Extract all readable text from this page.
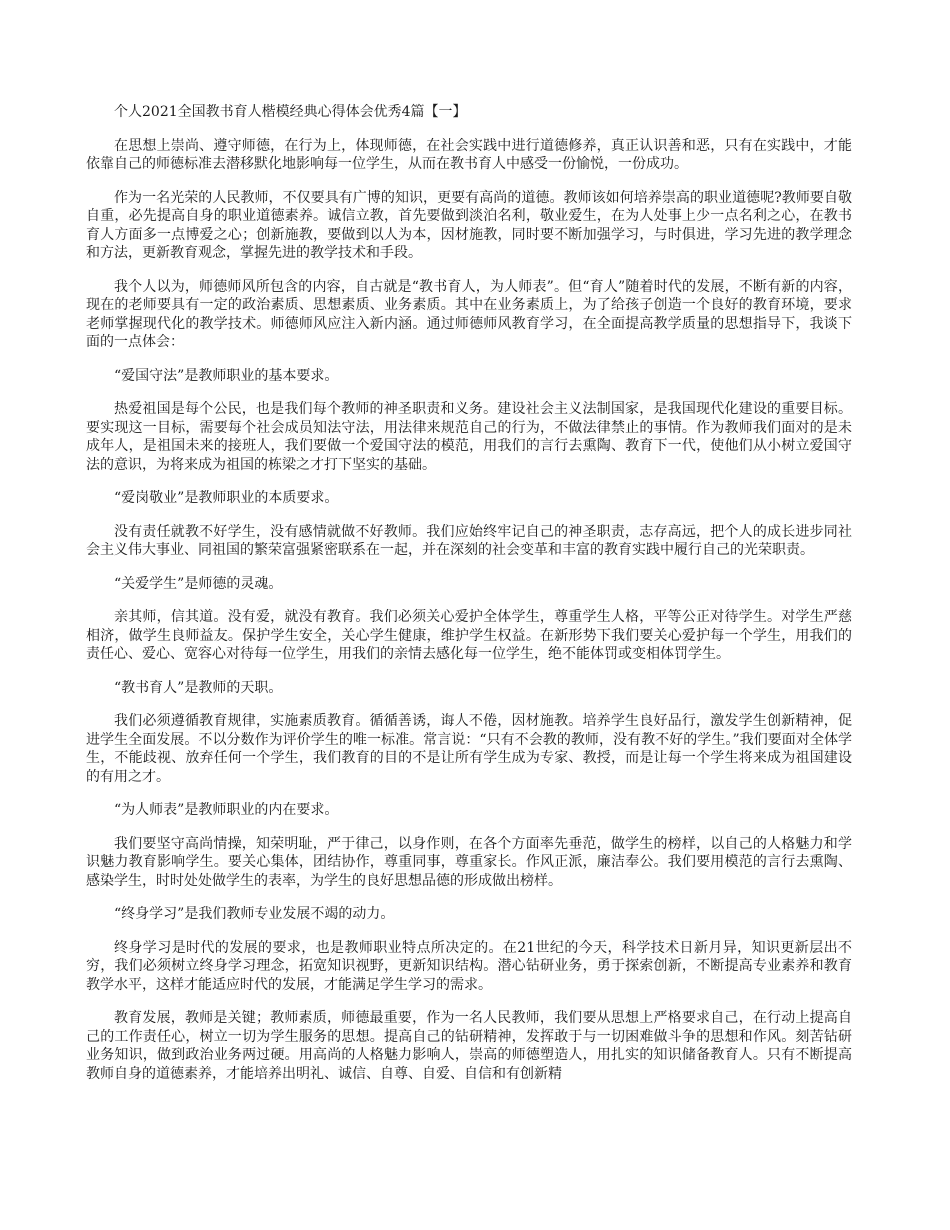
个人2021全国教书育人楷模经典心得体会优秀4篇【一】

在思想上崇尚、遵守师德，在行为上，体现师德，在社会实践中进行道德修养，真正认识善和恶，只有在实践中，才能依靠自己的师德标准去潜移默化地影响每一位学生，从而在教书育人中感受一份愉悦，一份成功。

作为一名光荣的人民教师，不仅要具有广博的知识，更要有高尚的道德。教师该如何培养崇高的职业道德呢?教师要自敬自重，必先提高自身的职业道德素养。诚信立教，首先要做到淡泊名利，敬业爱生，在为人处事上少一点名利之心，在教书育人方面多一点博爱之心；创新施教，要做到以人为本，因材施教，同时要不断加强学习，与时俱进，学习先进的教学理念和方法，更新教育观念，掌握先进的教学技术和手段。

我个人以为，师德师风所包含的内容，自古就是“教书育人，为人师表”。但“育人”随着时代的发展，不断有新的内容，现在的老师要具有一定的政治素质、思想素质、业务素质。其中在业务素质上，为了给孩子创造一个良好的教育环境，要求老师掌握现代化的教学技术。师德师风应注入新内涵。通过师德师风教育学习，在全面提高教学质量的思想指导下，我谈下面的一点体会：

“爱国守法”是教师职业的基本要求。

热爱祖国是每个公民，也是我们每个教师的神圣职责和义务。建设社会主义法制国家，是我国现代化建设的重要目标。要实现这一目标，需要每个社会成员知法守法，用法律来规范自己的行为，不做法律禁止的事情。作为教师我们面对的是未成年人，是祖国未来的接班人，我们要做一个爱国守法的模范，用我们的言行去熏陶、教育下一代，使他们从小树立爱国守法的意识，为将来成为祖国的栋梁之才打下坚实的基础。

“爱岗敬业”是教师职业的本质要求。

没有责任就教不好学生，没有感情就做不好教师。我们应始终牢记自己的神圣职责，志存高远，把个人的成长进步同社会主义伟大事业、同祖国的繁荣富强紧密联系在一起，并在深刻的社会变革和丰富的教育实践中履行自己的光荣职责。

“关爱学生”是师德的灵魂。

亲其师，信其道。没有爱，就没有教育。我们必须关心爱护全体学生，尊重学生人格，平等公正对待学生。对学生严慈相济，做学生良师益友。保护学生安全，关心学生健康，维护学生权益。在新形势下我们要关心爱护每一个学生，用我们的责任心、爱心、宽容心对待每一位学生，用我们的亲情去感化每一位学生，绝不能体罚或变相体罚学生。

“教书育人”是教师的天职。

我们必须遵循教育规律，实施素质教育。循循善诱，诲人不倦，因材施教。培养学生良好品行，激发学生创新精神，促进学生全面发展。不以分数作为评价学生的唯一标准。常言说：“只有不会教的教师，没有教不好的学生。”我们要面对全体学生，不能歧视、放弃任何一个学生，我们教育的目的不是让所有学生成为专家、教授，而是让每一个学生将来成为祖国建设的有用之才。

“为人师表”是教师职业的内在要求。

我们要坚守高尚情操，知荣明耻，严于律己，以身作则，在各个方面率先垂范，做学生的榜样，以自己的人格魅力和学识魅力教育影响学生。要关心集体，团结协作，尊重同事，尊重家长。作风正派，廉洁奉公。我们要用模范的言行去熏陶、感染学生，时时处处做学生的表率，为学生的良好思想品德的形成做出榜样。

“终身学习”是我们教师专业发展不竭的动力。

终身学习是时代的发展的要求，也是教师职业特点所决定的。在21世纪的今天，科学技术日新月异，知识更新层出不穷，我们必须树立终身学习理念，拓宽知识视野，更新知识结构。潜心钻研业务，勇于探索创新，不断提高专业素养和教育教学水平，这样才能适应时代的发展，才能满足学生学习的需求。

教育发展，教师是关键；教师素质，师德最重要，作为一名人民教师，我们要从思想上严格要求自己，在行动上提高自己的工作责任心，树立一切为学生服务的思想。提高自己的钻研精神，发挥敢于与一切困难做斗争的思想和作风。刻苦钻研业务知识，做到政治业务两过硬。用高尚的人格魅力影响人，崇高的师德塑造人，用扎实的知识储备教育人。只有不断提高教师自身的道德素养，才能培养出明礼、诚信、自尊、自爱、自信和有创新精
